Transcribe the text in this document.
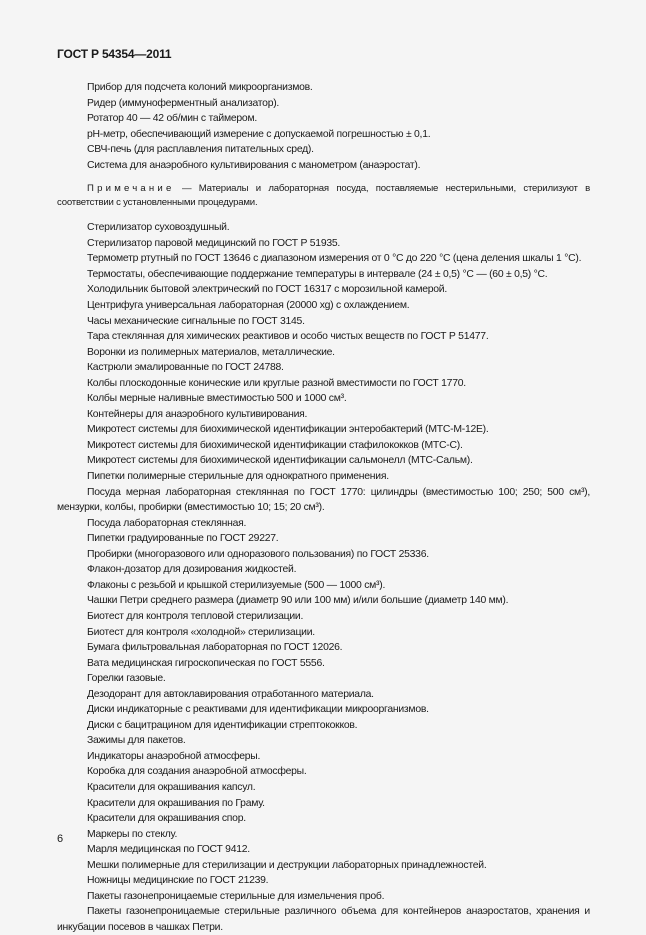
ГОСТ Р 54354—2011

Прибор для подсчета колоний микроорганизмов.

Ридер (иммуноферментный анализатор).

Ротатор 40 — 42 об/мин с таймером.

pH-метр, обеспечивающий измерение с допускаемой погрешностью ± 0,1.

СВЧ-печь (для расплавления питательных сред).

Система для анаэробного культивирования с манометром (анаэростат).

Примечание — Материалы и лабораторная посуда, поставляемые нестерильными, стерилизуют в соответствии с установленными процедурами.

Стерилизатор суховоздушный.

Стерилизатор паровой медицинский по ГОСТ Р 51935.

Термометр ртутный по ГОСТ 13646 с диапазоном измерения от 0 °С до 220 °С (цена деления шкалы 1 °С).

Термостаты, обеспечивающие поддержание температуры в интервале (24 ± 0,5) °С — (60 ± 0,5) °С.

Холодильник бытовой электрический по ГОСТ 16317 с морозильной камерой.

Центрифуга универсальная лабораторная (20000 xg) с охлаждением.

Часы механические сигнальные по ГОСТ 3145.

Тара стеклянная для химических реактивов и особо чистых веществ по ГОСТ Р 51477.

Воронки из полимерных материалов, металлические.

Кастрюли эмалированные по ГОСТ 24788.

Колбы плоскодонные конические или круглые разной вместимости по ГОСТ 1770.

Колбы мерные наливные вместимостью 500 и 1000 см³.

Контейнеры для анаэробного культивирования.

Микротест системы для биохимической идентификации энтеробактерий (МТС-М-12Е).

Микротест системы для биохимической идентификации стафилококков (МТС-С).

Микротест системы для биохимической идентификации сальмонелл (МТС-Сальм).

Пипетки полимерные стерильные для однократного применения.

Посуда мерная лабораторная стеклянная по ГОСТ 1770: цилиндры (вместимостью 100; 250; 500 см³), мензурки, колбы, пробирки (вместимостью 10; 15; 20 см³).

Посуда лабораторная стеклянная.

Пипетки градуированные по ГОСТ 29227.

Пробирки (многоразового или одноразового пользования) по ГОСТ 25336.

Флакон-дозатор для дозирования жидкостей.

Флаконы с резьбой и крышкой стерилизуемые (500 — 1000 см³).

Чашки Петри среднего размера (диаметр 90 или 100 мм) и/или большие (диаметр 140 мм).

Биотест для контроля тепловой стерилизации.

Биотест для контроля «холодной» стерилизации.

Бумага фильтровальная лабораторная по ГОСТ 12026.

Вата медицинская гигроскопическая по ГОСТ 5556.

Горелки газовые.

Дезодорант для автоклавирования отработанного материала.

Диски индикаторные с реактивами для идентификации микроорганизмов.

Диски с бацитрацином для идентификации стрептококков.

Зажимы для пакетов.

Индикаторы анаэробной атмосферы.

Коробка для создания анаэробной атмосферы.

Красители для окрашивания капсул.

Красители для окрашивания по Граму.

Красители для окрашивания спор.

Маркеры по стеклу.

Марля медицинская по ГОСТ 9412.

Мешки полимерные для стерилизации и деструкции лабораторных принадлежностей.

Ножницы медицинские по ГОСТ 21239.

Пакеты газонепроницаемые стерильные для измельчения проб.

Пакеты газонепроницаемые стерильные различного объема для контейнеров анаэростатов, хранения и инкубации посевов в чашках Петри.

6
